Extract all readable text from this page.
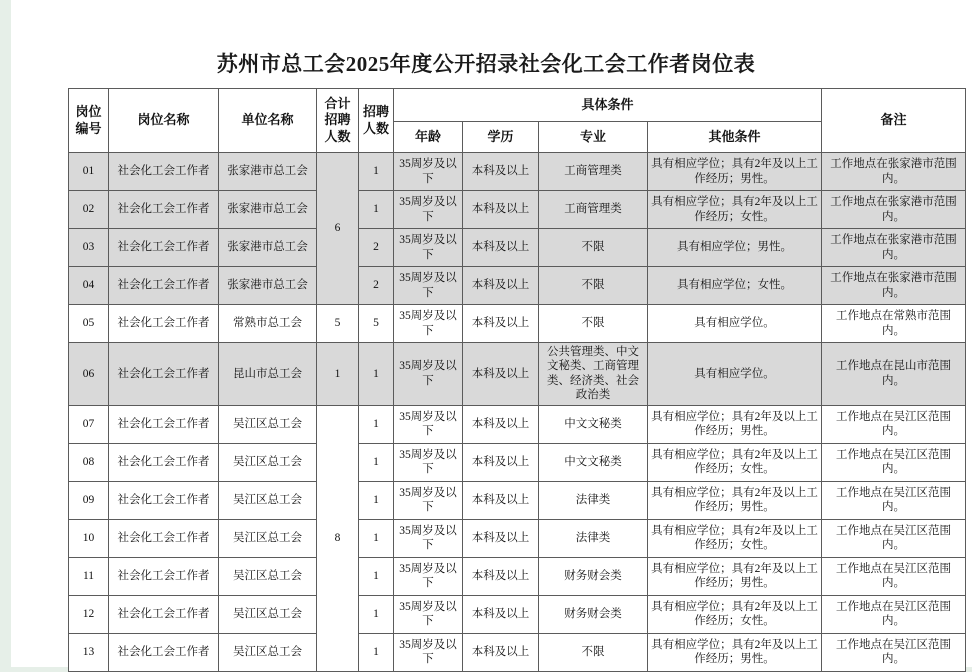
苏州市总工会2025年度公开招录社会化工会工作者岗位表
岗位编号	岗位名称	单位名称	合计招聘人数	招聘人数	具体条件				备注
					年龄	学历	专业	其他条件	
01	社会化工会工作者	张家港市总工会	6	1	35周岁及以下	本科及以上	工商管理类	具有相应学位；具有2年及以上工作经历；男性。	工作地点在张家港市范围内。
02	社会化工会工作者	张家港市总工会		1	35周岁及以下	本科及以上	工商管理类	具有相应学位；具有2年及以上工作经历；女性。	工作地点在张家港市范围内。
03	社会化工会工作者	张家港市总工会		2	35周岁及以下	本科及以上	不限	具有相应学位；男性。	工作地点在张家港市范围内。
04	社会化工会工作者	张家港市总工会		2	35周岁及以下	本科及以上	不限	具有相应学位；女性。	工作地点在张家港市范围内。
05	社会化工会工作者	常熟市总工会	5	5	35周岁及以下	本科及以上	不限	具有相应学位。	工作地点在常熟市范围内。
06	社会化工会工作者	昆山市总工会	1	1	35周岁及以下	本科及以上	公共管理类、中文文秘类、工商管理类、经济类、社会政治类	具有相应学位。	工作地点在昆山市范围内。
07	社会化工会工作者	吴江区总工会	8	1	35周岁及以下	本科及以上	中文文秘类	具有相应学位；具有2年及以上工作经历；男性。	工作地点在吴江区范围内。
08	社会化工会工作者	吴江区总工会		1	35周岁及以下	本科及以上	中文文秘类	具有相应学位；具有2年及以上工作经历；女性。	工作地点在吴江区范围内。
09	社会化工会工作者	吴江区总工会		1	35周岁及以下	本科及以上	法律类	具有相应学位；具有2年及以上工作经历；男性。	工作地点在吴江区范围内。
10	社会化工会工作者	吴江区总工会		1	35周岁及以下	本科及以上	法律类	具有相应学位；具有2年及以上工作经历；女性。	工作地点在吴江区范围内。
11	社会化工会工作者	吴江区总工会		1	35周岁及以下	本科及以上	财务财会类	具有相应学位；具有2年及以上工作经历；男性。	工作地点在吴江区范围内。
12	社会化工会工作者	吴江区总工会		1	35周岁及以下	本科及以上	财务财会类	具有相应学位；具有2年及以上工作经历；女性。	工作地点在吴江区范围内。
13	社会化工会工作者	吴江区总工会		1	35周岁及以下	本科及以上	不限	具有相应学位；具有2年及以上工作经历；男性。	工作地点在吴江区范围内。
